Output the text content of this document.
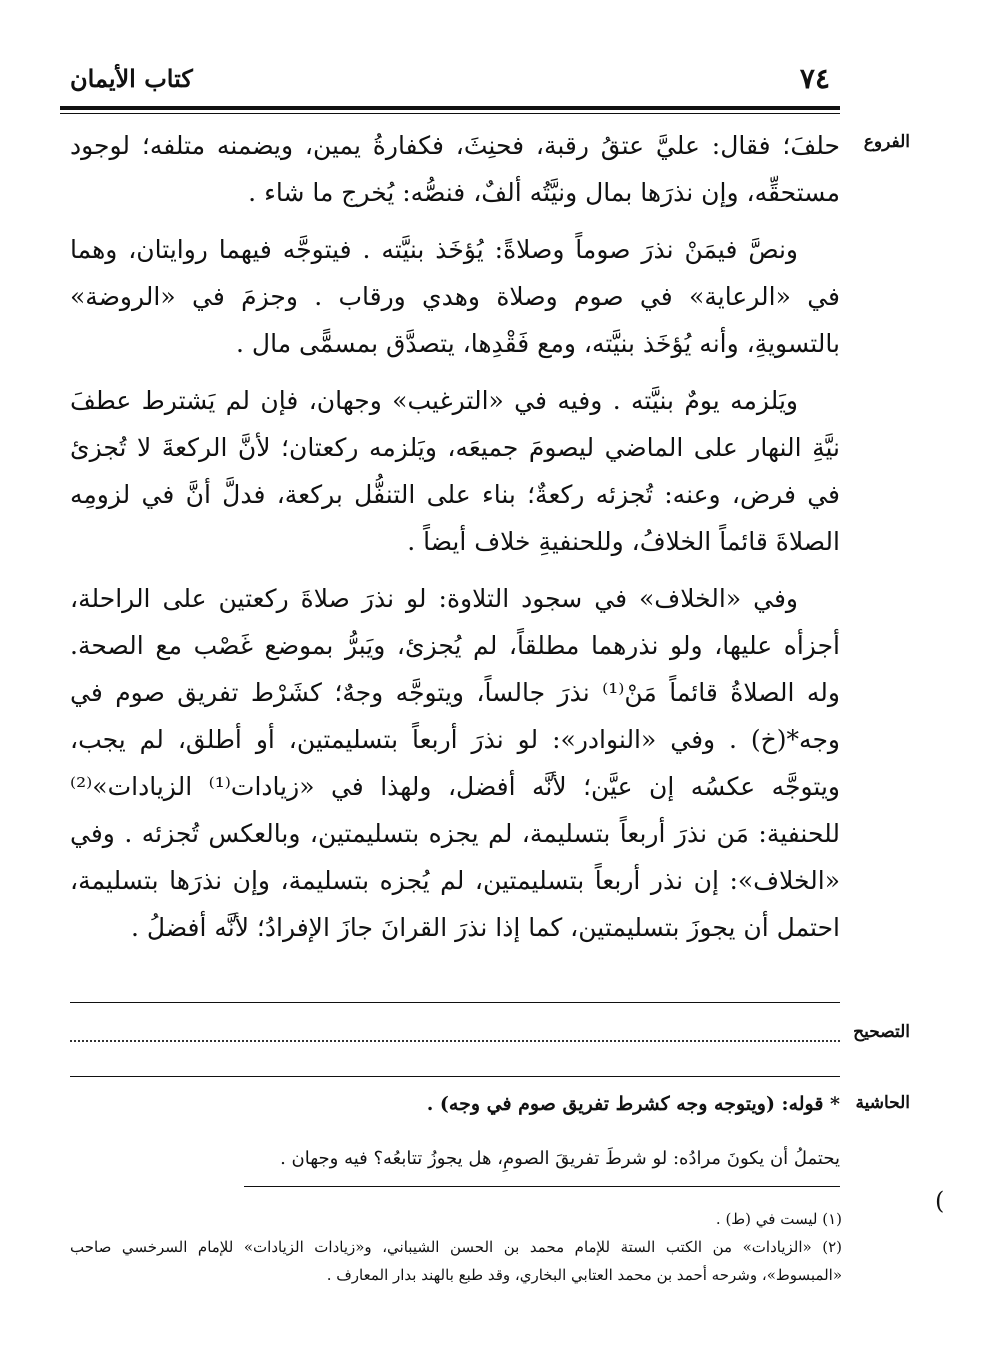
٧٤
كتاب الأيمان
الفروع
التصحيح
الحاشية

حلفَ؛ فقال: عليَّ عتقُ رقبة، فحنِثَ، فكفارةُ يمين، ويضمنه متلفه؛ لوجود مستحقِّه، وإن نذرَها بمال ونيَّتُه ألفٌ، فنصُّه: يُخرج ما شاء .

ونصَّ فيمَنْ نذرَ صوماً وصلاةً: يُؤخَذ بنيَّته . فيتوجَّه فيهما روايتان، وهما في «الرعاية» في صوم وصلاة وهدي ورقاب . وجزمَ في «الروضة» بالتسويةِ، وأنه يُؤخَذ بنيَّته، ومع فَقْدِها، يتصدَّق بمسمًّى مال .

ويَلزمه يومٌ بنيَّته . وفيه في «الترغيب» وجهان، فإن لم يَشترط عطفَ نيَّةِ النهار على الماضي ليصومَ جميعَه، ويَلزمه ركعتان؛ لأنَّ الركعةَ لا تُجزئ في فرض، وعنه: تُجزئه ركعةٌ؛ بناء على التنفُّل بركعة، فدلَّ أنَّ في لزومِه الصلاةَ قائماً الخلافُ، وللحنفيةِ خلاف أيضاً .

وفي «الخلاف» في سجود التلاوة: لو نذرَ صلاةَ ركعتين على الراحلة، أجزأه عليها، ولو نذرهما مطلقاً، لم يُجزئ، ويَبرُّ بموضع غَصْب مع الصحة. وله الصلاةُ قائماً مَنْ⁽¹⁾ نذرَ جالساً، ويتوجَّه وجهٌ؛ كشَرْط تفريق صوم في وجه*(خ) . وفي «النوادر»: لو نذرَ أربعاً بتسليمتين، أو أطلق، لم يجب، ويتوجَّه عكسُه إن عيَّن؛ لأنَّه أفضل، ولهذا في «زيادات⁽¹⁾ الزيادات»⁽²⁾ للحنفية: مَن نذرَ أربعاً بتسليمة، لم يجزه بتسليمتين، وبالعكس تُجزئه . وفي «الخلاف»: إن نذر أربعاً بتسليمتين، لم يُجزه بتسليمة، وإن نذرَها بتسليمة، احتمل أن يجوزَ بتسليمتين، كما إذا نذرَ القرانَ جازَ الإفرادُ؛ لأنَّه أفضلُ .

* قوله: (ويتوجه وجه كشرط تفريق صوم في وجه) .
يحتملُ أن يكونَ مرادُه: لو شرطَ تفريقَ الصومِ، هل يجوزُ تتابعُه؟ فيه وجهان .
(

(١) ليست في (ط) .

(٢) «الزيادات» من الكتب الستة للإمام محمد بن الحسن الشيباني، و«زيادات الزيادات» للإمام السرخسي صاحب «المبسوط»، وشرحه أحمد بن محمد العتابي البخاري، وقد طبع بالهند بدار المعارف .
